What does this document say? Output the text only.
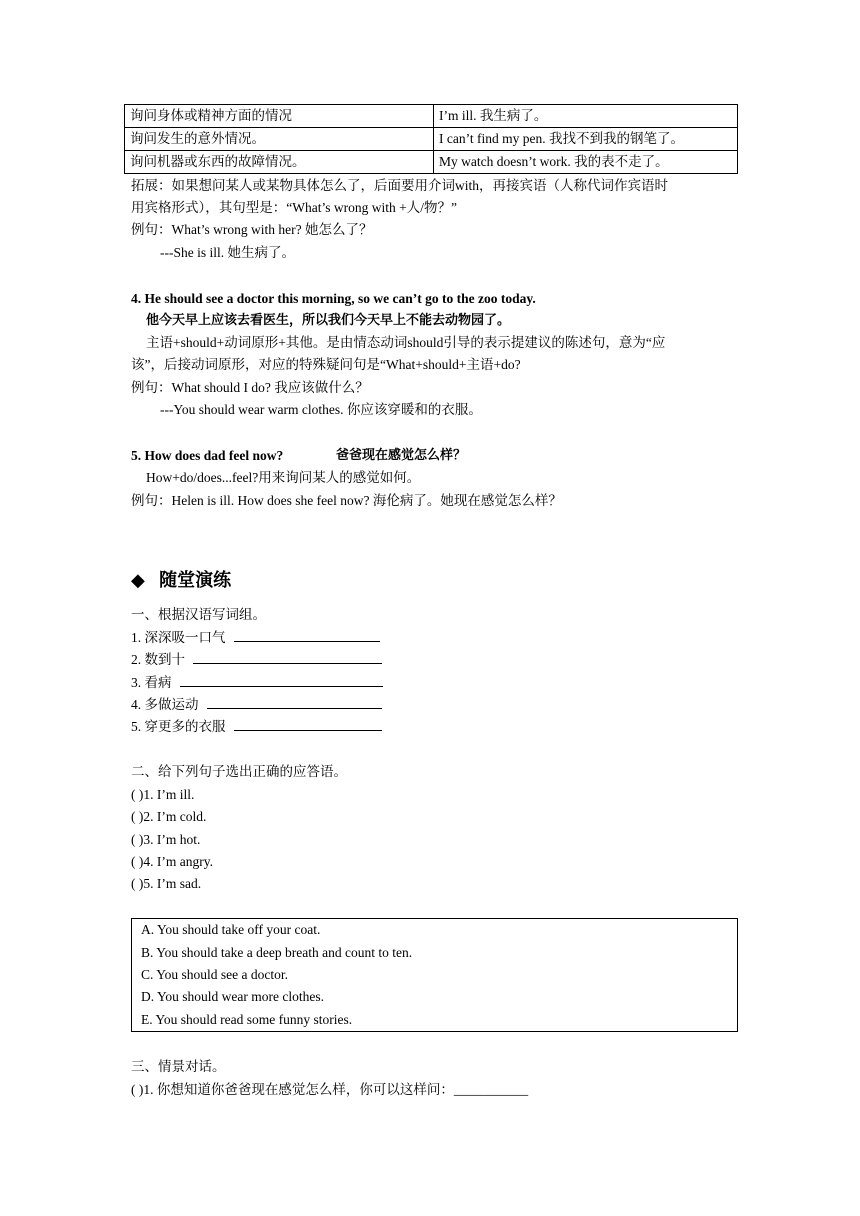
询问身体或精神方面的情况	I’m ill. 我生病了。
询问发生的意外情况。	I can’t find my pen. 我找不到我的钢笔了。
询问机器或东西的故障情况。	My watch doesn’t work. 我的表不走了。
拓展：如果想问某人或某物具体怎么了，后面要用介词with，再接宾语（人称代词作宾语时
用宾格形式），其句型是：“What’s wrong with +人/物？”
例句：What’s wrong with her? 她怎么了？
---She is ill. 她生病了。
4. He should see a doctor this morning, so we can’t go to the zoo today.
他今天早上应该去看医生，所以我们今天早上不能去动物园了。
主语+should+动词原形+其他。是由情态动词should引导的表示提建议的陈述句，意为“应
该”，后接动词原形，对应的特殊疑问句是“What+should+主语+do?
例句：What should I do? 我应该做什么？
---You should wear warm clothes. 你应该穿暖和的衣服。
5. How does dad feel now?	爸爸现在感觉怎么样？
How+do/does...feel?用来询问某人的感觉如何。
例句：Helen is ill. How does she feel now? 海伦病了。她现在感觉怎么样？
◆ 随堂演练
一、根据汉语写词组。
1. 深深吸一口气
2. 数到十
3. 看病
4. 多做运动
5. 穿更多的衣服
二、给下列句子选出正确的应答语。
( )1. I’m ill.
( )2. I’m cold.
( )3. I’m hot.
( )4. I’m angry.
( )5. I’m sad.
A. You should take off your coat.
B. You should take a deep breath and count to ten.
C. You should see a doctor.
D. You should wear more clothes.
E. You should read some funny stories.
三、情景对话。
( )1. 你想知道你爸爸现在感觉怎么样，你可以这样问：___________
